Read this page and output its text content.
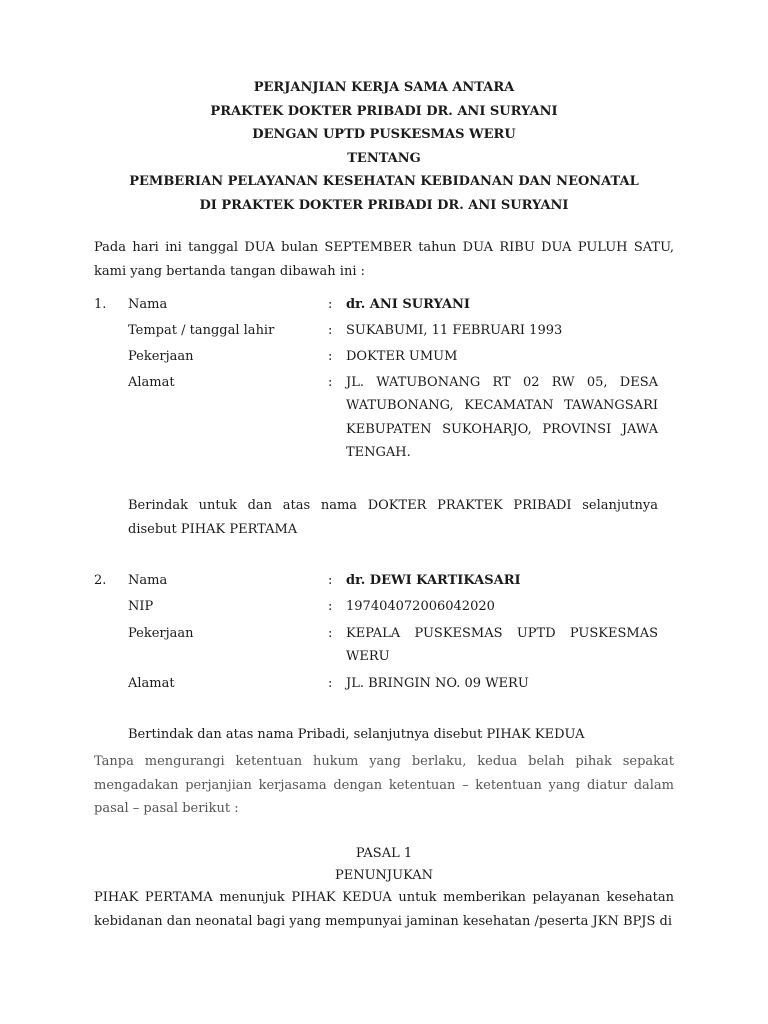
PERJANJIAN KERJA SAMA ANTARA
PRAKTEK DOKTER PRIBADI DR. ANI SURYANI
DENGAN UPTD PUSKESMAS WERU
TENTANG
PEMBERIAN PELAYANAN KESEHATAN KEBIDANAN DAN NEONATAL
DI PRAKTEK DOKTER PRIBADI DR. ANI SURYANI
Pada hari ini tanggal DUA bulan SEPTEMBER tahun DUA RIBU DUA PULUH SATU, kami yang bertanda tangan dibawah ini :
1. Nama	: dr. ANI SURYANI
Tempat / tanggal lahir	: SUKABUMI, 11 FEBRUARI 1993
Pekerjaan	: DOKTER UMUM
Alamat	: JL. WATUBONANG RT 02 RW 05, DESA WATUBONANG, KECAMATAN TAWANGSARI KEBUPATEN SUKOHARJO, PROVINSI JAWA TENGAH.
Berindak untuk dan atas nama DOKTER PRAKTEK PRIBADI selanjutnya disebut PIHAK PERTAMA
2. Nama	: dr. DEWI KARTIKASARI
NIP	: 197404072006042020
Pekerjaan	: KEPALA PUSKESMAS UPTD PUSKESMAS WERU
Alamat	: JL. BRINGIN NO. 09 WERU
Bertindak dan atas nama Pribadi, selanjutnya disebut PIHAK KEDUA
Tanpa mengurangi ketentuan hukum yang berlaku, kedua belah pihak sepakat mengadakan perjanjian kerjasama dengan ketentuan – ketentuan yang diatur dalam pasal – pasal berikut :
PASAL 1
PENUNJUKAN
PIHAK PERTAMA menunjuk PIHAK KEDUA untuk memberikan pelayanan kesehatan kebidanan dan neonatal bagi yang mempunyai jaminan kesehatan /peserta JKN BPJS di
